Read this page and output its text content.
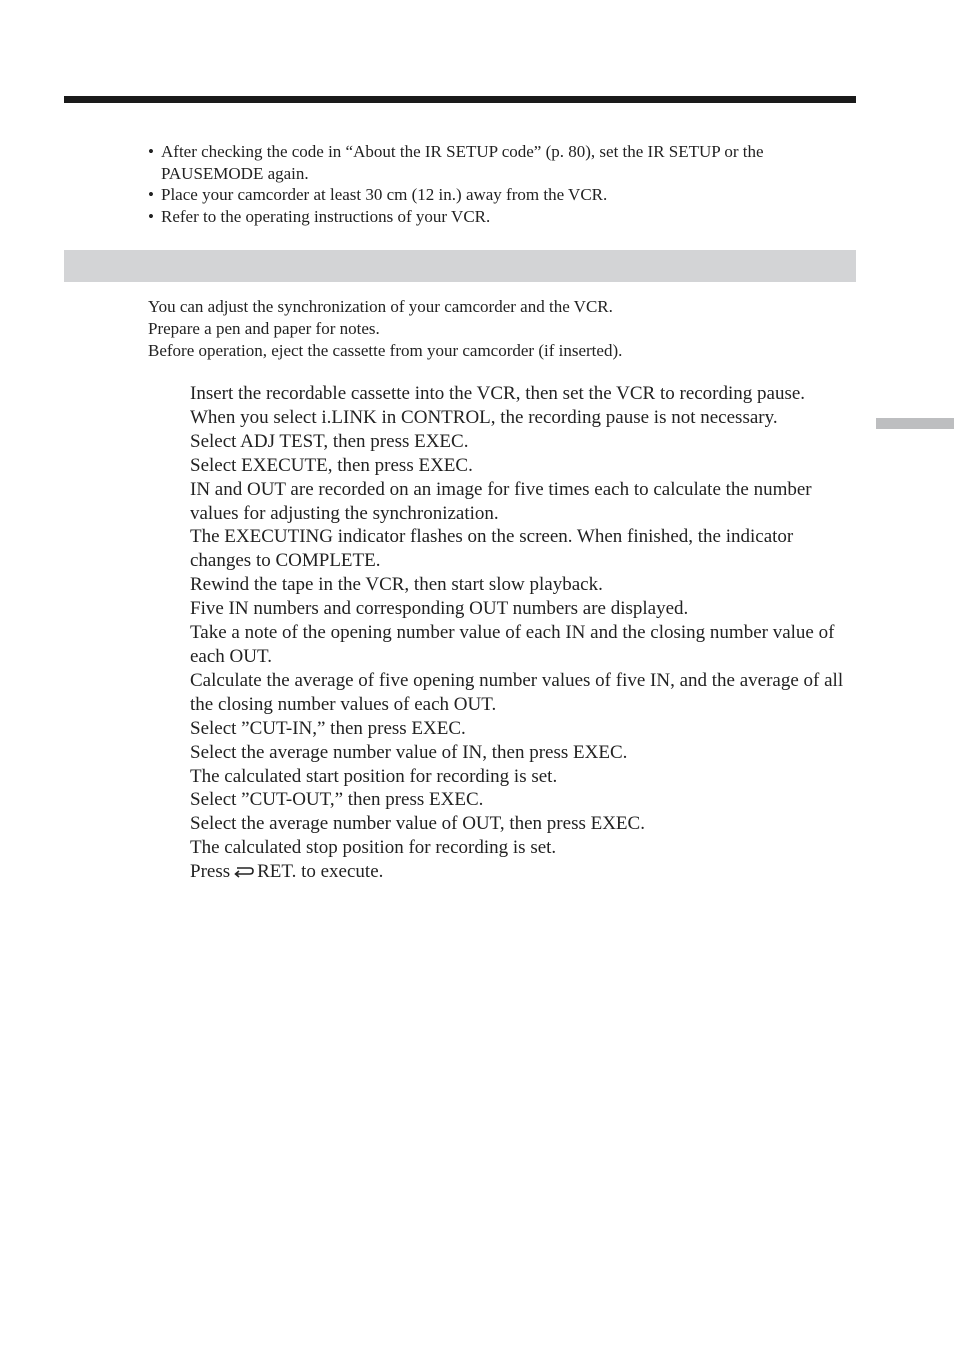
• After checking the code in “About the IR SETUP code” (p. 80), set the IR SETUP or the PAUSEMODE again.
• Place your camcorder at least 30 cm (12 in.) away from the VCR.
• Refer to the operating instructions of your VCR.

You can adjust the synchronization of your camcorder and the VCR.

Prepare a pen and paper for notes.

Before operation, eject the cassette from your camcorder (if inserted).

Insert the recordable cassette into the VCR, then set the VCR to recording pause.

When you select i.LINK in CONTROL, the recording pause is not necessary.

Select ADJ TEST, then press EXEC.

Select EXECUTE, then press EXEC.

IN and OUT are recorded on an image for five times each to calculate the number values for adjusting the synchronization.

The EXECUTING indicator flashes on the screen. When finished, the indicator changes to COMPLETE.

Rewind the tape in the VCR, then start slow playback.

Five IN numbers and corresponding OUT numbers are displayed.

Take a note of the opening number value of each IN and the closing number value of each OUT.

Calculate the average of five opening number values of five IN, and the average of all the closing number values of each OUT.

Select ”CUT-IN,” then press EXEC.

Select the average number value of IN, then press EXEC.

The calculated start position for recording is set.

Select ”CUT-OUT,” then press EXEC.

Select the average number value of OUT, then press EXEC.

The calculated stop position for recording is set.

Press RET. to execute.
